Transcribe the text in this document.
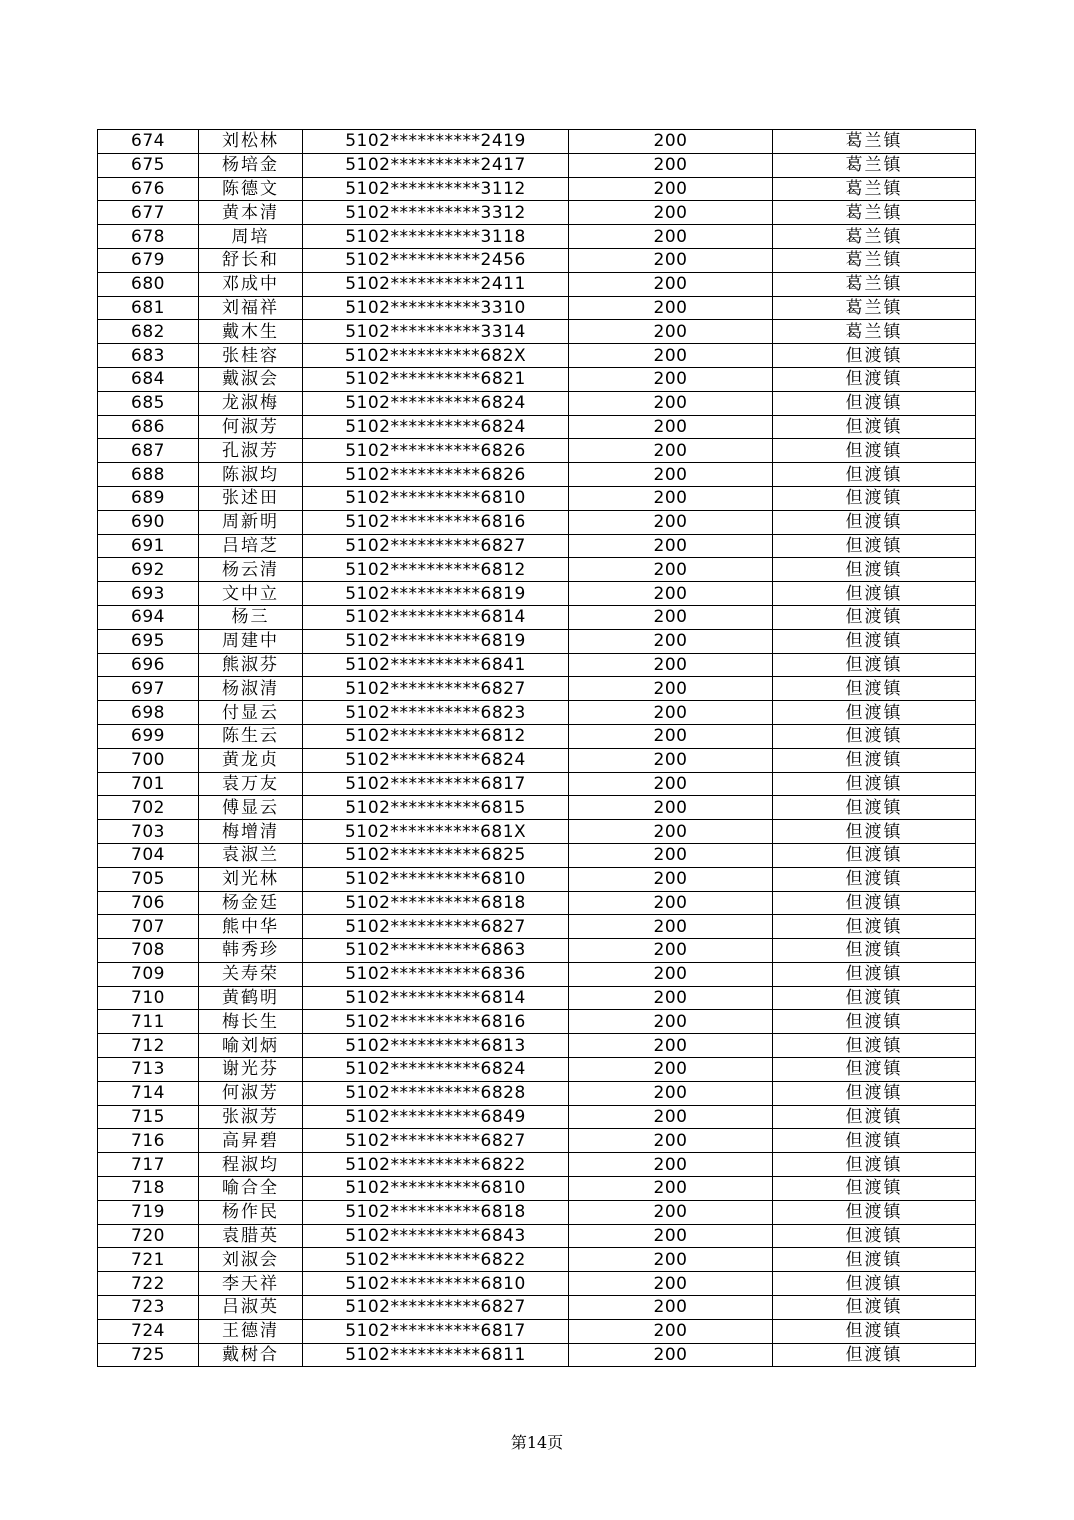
674	刘松林	5102**********2419	200	葛兰镇
675	杨培金	5102**********2417	200	葛兰镇
676	陈德文	5102**********3112	200	葛兰镇
677	黄本清	5102**********3312	200	葛兰镇
678	周培	5102**********3118	200	葛兰镇
679	舒长和	5102**********2456	200	葛兰镇
680	邓成中	5102**********2411	200	葛兰镇
681	刘福祥	5102**********3310	200	葛兰镇
682	戴木生	5102**********3314	200	葛兰镇
683	张桂容	5102**********682X	200	但渡镇
684	戴淑会	5102**********6821	200	但渡镇
685	龙淑梅	5102**********6824	200	但渡镇
686	何淑芳	5102**********6824	200	但渡镇
687	孔淑芳	5102**********6826	200	但渡镇
688	陈淑均	5102**********6826	200	但渡镇
689	张述田	5102**********6810	200	但渡镇
690	周新明	5102**********6816	200	但渡镇
691	吕培芝	5102**********6827	200	但渡镇
692	杨云清	5102**********6812	200	但渡镇
693	文中立	5102**********6819	200	但渡镇
694	杨三	5102**********6814	200	但渡镇
695	周建中	5102**********6819	200	但渡镇
696	熊淑芬	5102**********6841	200	但渡镇
697	杨淑清	5102**********6827	200	但渡镇
698	付显云	5102**********6823	200	但渡镇
699	陈生云	5102**********6812	200	但渡镇
700	黄龙贞	5102**********6824	200	但渡镇
701	袁万友	5102**********6817	200	但渡镇
702	傅显云	5102**********6815	200	但渡镇
703	梅增清	5102**********681X	200	但渡镇
704	袁淑兰	5102**********6825	200	但渡镇
705	刘光林	5102**********6810	200	但渡镇
706	杨金廷	5102**********6818	200	但渡镇
707	熊中华	5102**********6827	200	但渡镇
708	韩秀珍	5102**********6863	200	但渡镇
709	关寿荣	5102**********6836	200	但渡镇
710	黄鹤明	5102**********6814	200	但渡镇
711	梅长生	5102**********6816	200	但渡镇
712	喻刘炳	5102**********6813	200	但渡镇
713	谢光芬	5102**********6824	200	但渡镇
714	何淑芳	5102**********6828	200	但渡镇
715	张淑芳	5102**********6849	200	但渡镇
716	高昇碧	5102**********6827	200	但渡镇
717	程淑均	5102**********6822	200	但渡镇
718	喻合全	5102**********6810	200	但渡镇
719	杨作民	5102**********6818	200	但渡镇
720	袁腊英	5102**********6843	200	但渡镇
721	刘淑会	5102**********6822	200	但渡镇
722	李天祥	5102**********6810	200	但渡镇
723	吕淑英	5102**********6827	200	但渡镇
724	王德清	5102**********6817	200	但渡镇
725	戴树合	5102**********6811	200	但渡镇
第14页
